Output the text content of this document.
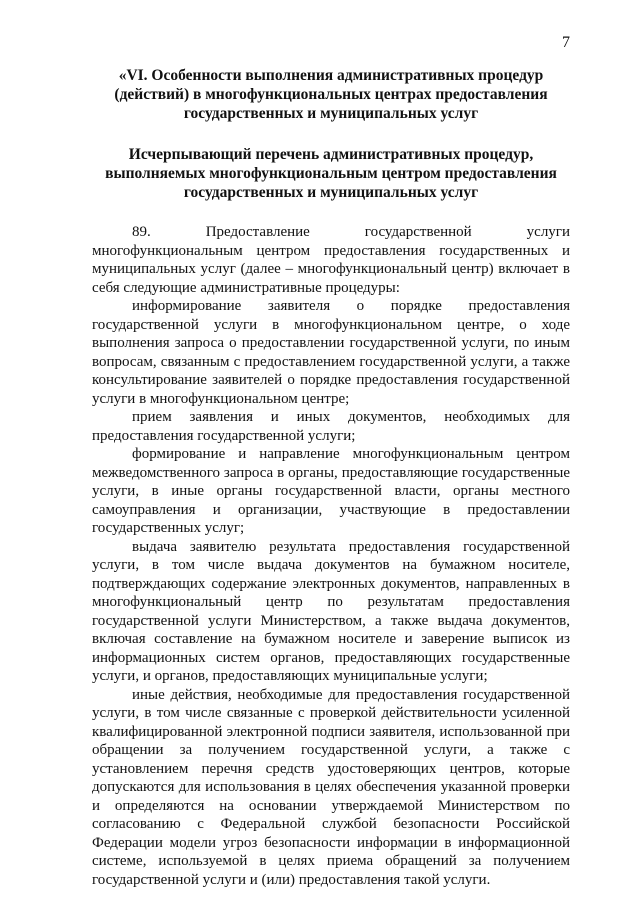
7
«VI. Особенности выполнения административных процедур (действий) в многофункциональных центрах предоставления государственных и муниципальных услуг
Исчерпывающий перечень административных процедур, выполняемых многофункциональным центром предоставления государственных и муниципальных услуг

89. Предоставление государственной услуги многофункциональным центром предоставления государственных и муниципальных услуг (далее – многофункциональный центр) включает в себя следующие административные процедуры:

информирование заявителя о порядке предоставления государственной услуги в многофункциональном центре, о ходе выполнения запроса о предоставлении государственной услуги, по иным вопросам, связанным с предоставлением государственной услуги, а также консультирование заявителей о порядке предоставления государственной услуги в многофункциональном центре;

прием заявления и иных документов, необходимых для предоставления государственной услуги;

формирование и направление многофункциональным центром межведомственного запроса в органы, предоставляющие государственные услуги, в иные органы государственной власти, органы местного самоуправления и организации, участвующие в предоставлении государственных услуг;

выдача заявителю результата предоставления государственной услуги, в том числе выдача документов на бумажном носителе, подтверждающих содержание электронных документов, направленных в многофункциональный центр по результатам предоставления государственной услуги Министерством, а также выдача документов, включая составление на бумажном носителе и заверение выписок из информационных систем органов, предоставляющих государственные услуги, и органов, предоставляющих муниципальные услуги;

иные действия, необходимые для предоставления государственной услуги, в том числе связанные с проверкой действительности усиленной квалифицированной электронной подписи заявителя, использованной при обращении за получением государственной услуги, а также с установлением перечня средств удостоверяющих центров, которые допускаются для использования в целях обеспечения указанной проверки и определяются на основании утверждаемой Министерством по согласованию с Федеральной службой безопасности Российской Федерации модели угроз безопасности информации в информационной системе, используемой в целях приема обращений за получением государственной услуги и (или) предоставления такой услуги.
